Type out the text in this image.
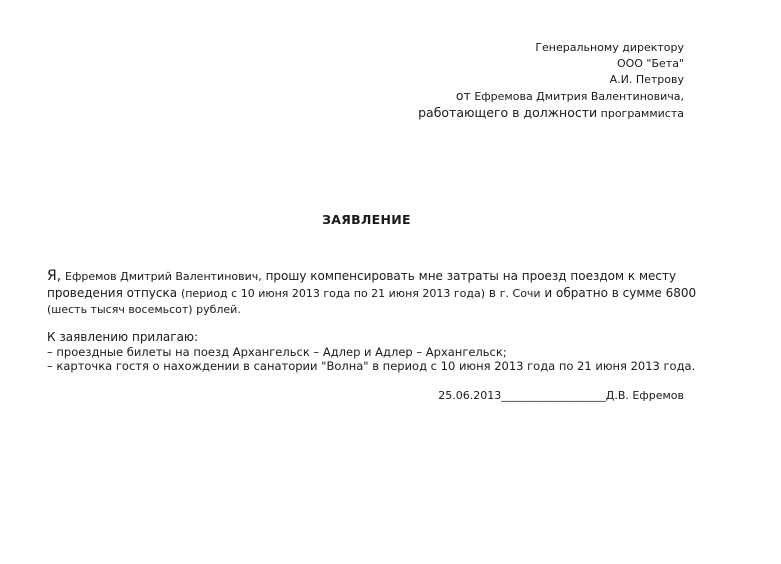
Генеральному директору
ООО "Бета"
А.И. Петрову
от Ефремова Дмитрия Валентиновича,
работающего в должности программиста
ЗАЯВЛЕНИЕ
Я, Ефремов Дмитрий Валентинович, прошу компенсировать мне затраты на проезд поездом к месту
проведения отпуска (период с 10 июня 2013 года по 21 июня 2013 года) в г. Сочи и обратно в сумме 6800
(шесть тысяч восемьсот) рублей.
К заявлению прилагаю:
– проездные билеты на поезд Архангельск – Адлер и Адлер – Архангельск;
– карточка гостя о нахождении в санатории "Волна" в период с 10 июня 2013 года по 21 июня 2013 года.
25.06.2013___________________Д.В. Ефремов
